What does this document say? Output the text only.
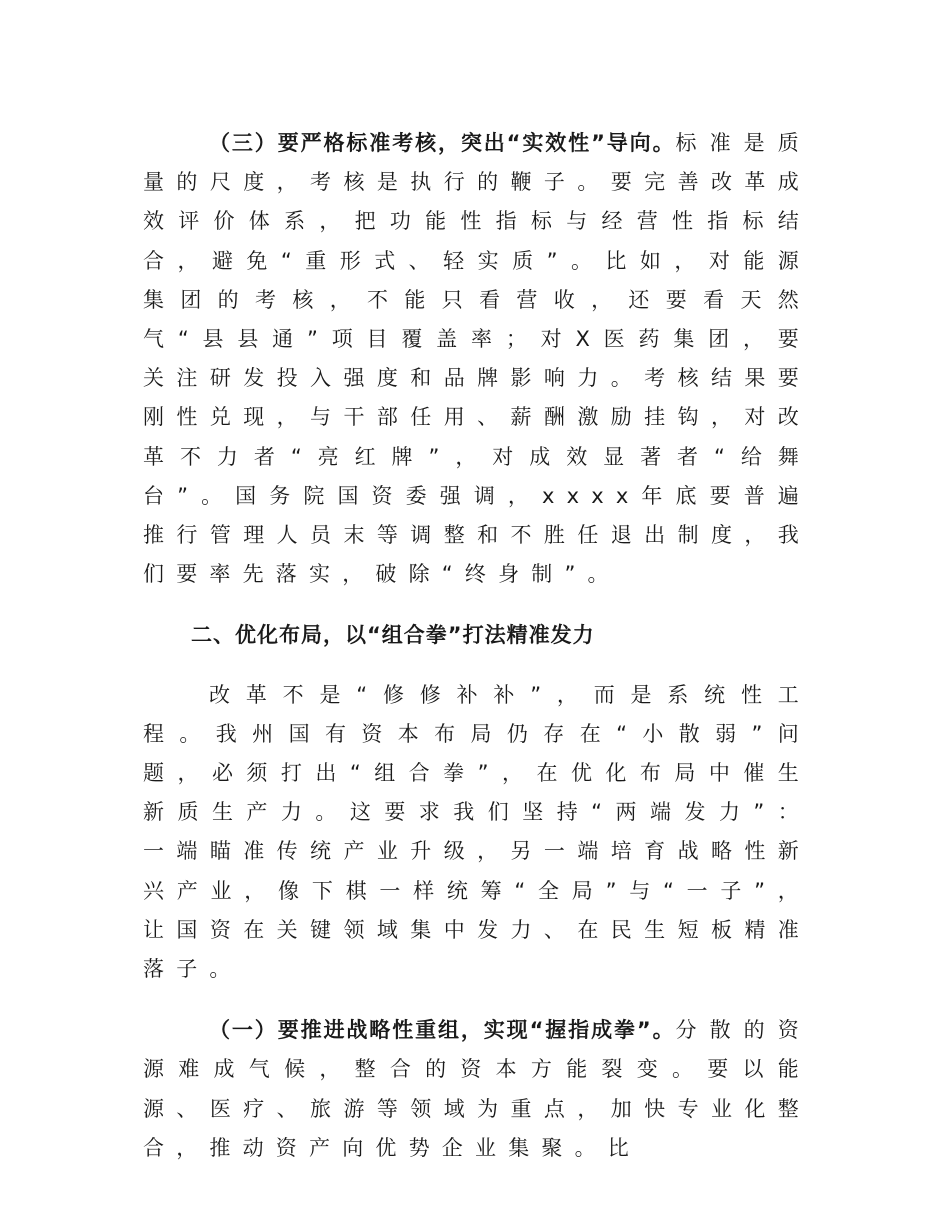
（三）要严格标准考核，突出“实效性”导向。标准是质量的尺度，考核是执行的鞭子。要完善改革成效评价体系，把功能性指标与经营性指标结合，避免“重形式、轻实质”。比如，对能源集团的考核，不能只看营收，还要看天然气“县县通”项目覆盖率；对X医药集团，要关注研发投入强度和品牌影响力。考核结果要刚性兑现，与干部任用、薪酬激励挂钩，对改革不力者“亮红牌”，对成效显著者“给舞台”。国务院国资委强调，xxxx年底要普遍推行管理人员末等调整和不胜任退出制度，我们要率先落实，破除“终身制”。

二、优化布局，以“组合拳”打法精准发力

改革不是“修修补补”，而是系统性工程。我州国有资本布局仍存在“小散弱”问题，必须打出“组合拳”，在优化布局中催生新质生产力。这要求我们坚持“两端发力”：一端瞄准传统产业升级，另一端培育战略性新兴产业，像下棋一样统筹“全局”与“一子”，让国资在关键领域集中发力、在民生短板精准落子。

（一）要推进战略性重组，实现“握指成拳”。分散的资源难成气候，整合的资本方能裂变。要以能源、医疗、旅游等领域为重点，加快专业化整合，推动资产向优势企业集聚。比
